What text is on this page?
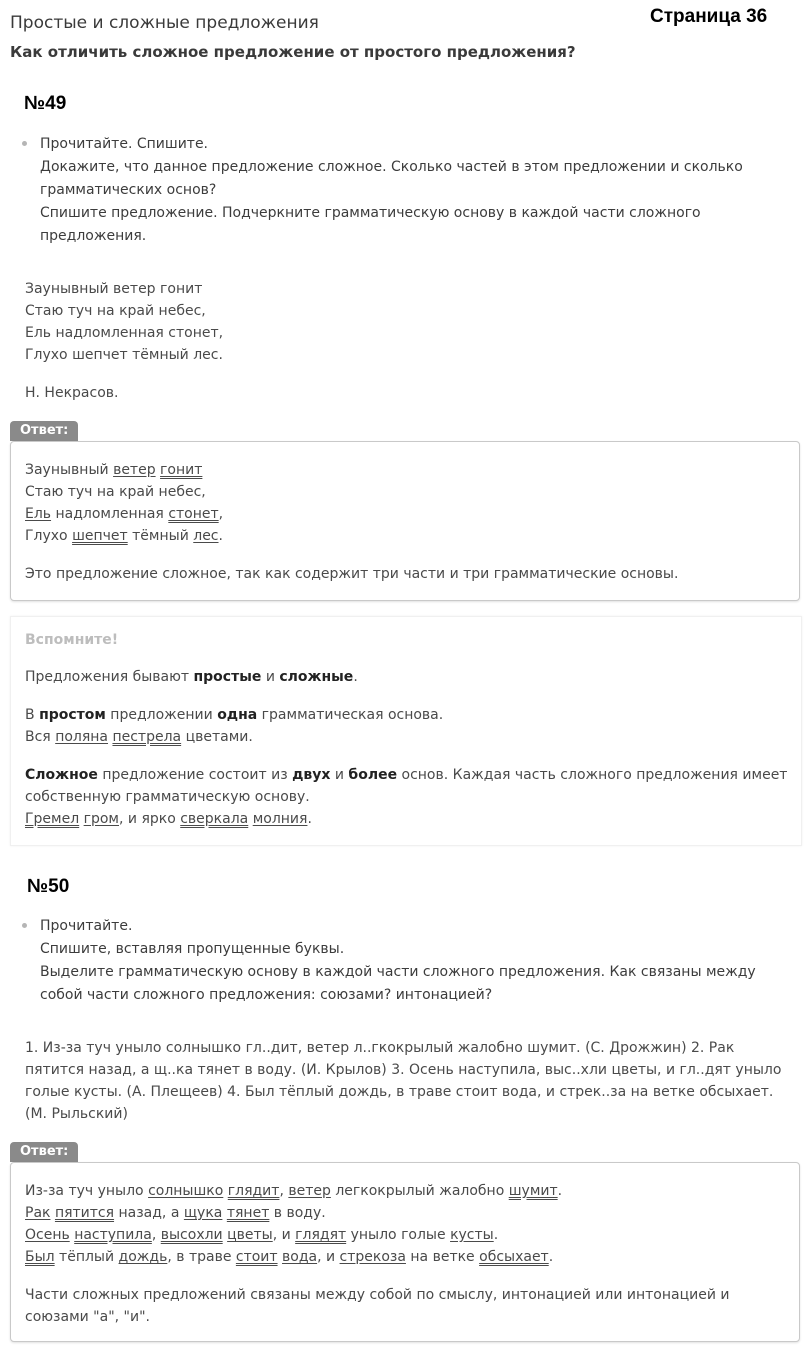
Простые и сложные предложения	Страница 36
Как отличить сложное предложение от простого предложения?
№49
Прочитайте. Спишите.
Докажите, что данное предложение сложное. Сколько частей в этом предложении и сколько
грамматических основ?
Спишите предложение. Подчеркните грамматическую основу в каждой части сложного
предложения.
Заунывный ветер гонит
Стаю туч на край небес,
Ель надломленная стонет,
Глухо шепчет тёмный лес.
Н. Некрасов.
Ответ:
Заунывный ветер гонит
Стаю туч на край небес,
Ель надломленная стонет,
Глухо шепчет тёмный лес.
Это предложение сложное, так как содержит три части и три грамматические основы.
Вспомните!
Предложения бывают простые и сложные.
В простом предложении одна грамматическая основа.
Вся поляна пестрела цветами.
Сложное предложение состоит из двух и более основ. Каждая часть сложного предложения имеет
собственную грамматическую основу.
Гремел гром, и ярко сверкала молния.
№50
Прочитайте.
Спишите, вставляя пропущенные буквы.
Выделите грамматическую основу в каждой части сложного предложения. Как связаны между
собой части сложного предложения: союзами? интонацией?
1. Из-за туч уныло солнышко гл..дит, ветер л..гкокрылый жалобно шумит. (С. Дрожжин) 2. Рак
пятится назад, а щ..ка тянет в воду. (И. Крылов) 3. Осень наступила, выс..хли цветы, и гл..дят уныло
голые кусты. (А. Плещеев) 4. Был тёплый дождь, в траве стоит вода, и стрек..за на ветке обсыхает.
(М. Рыльский)
Ответ:
Из-за туч уныло солнышко глядит, ветер легкокрылый жалобно шумит.
Рак пятится назад, а щука тянет в воду.
Осень наступила, высохли цветы, и глядят уныло голые кусты.
Был тёплый дождь, в траве стоит вода, и стрекоза на ветке обсыхает.
Части сложных предложений связаны между собой по смыслу, интонацией или интонацией и
союзами "а", "и".
